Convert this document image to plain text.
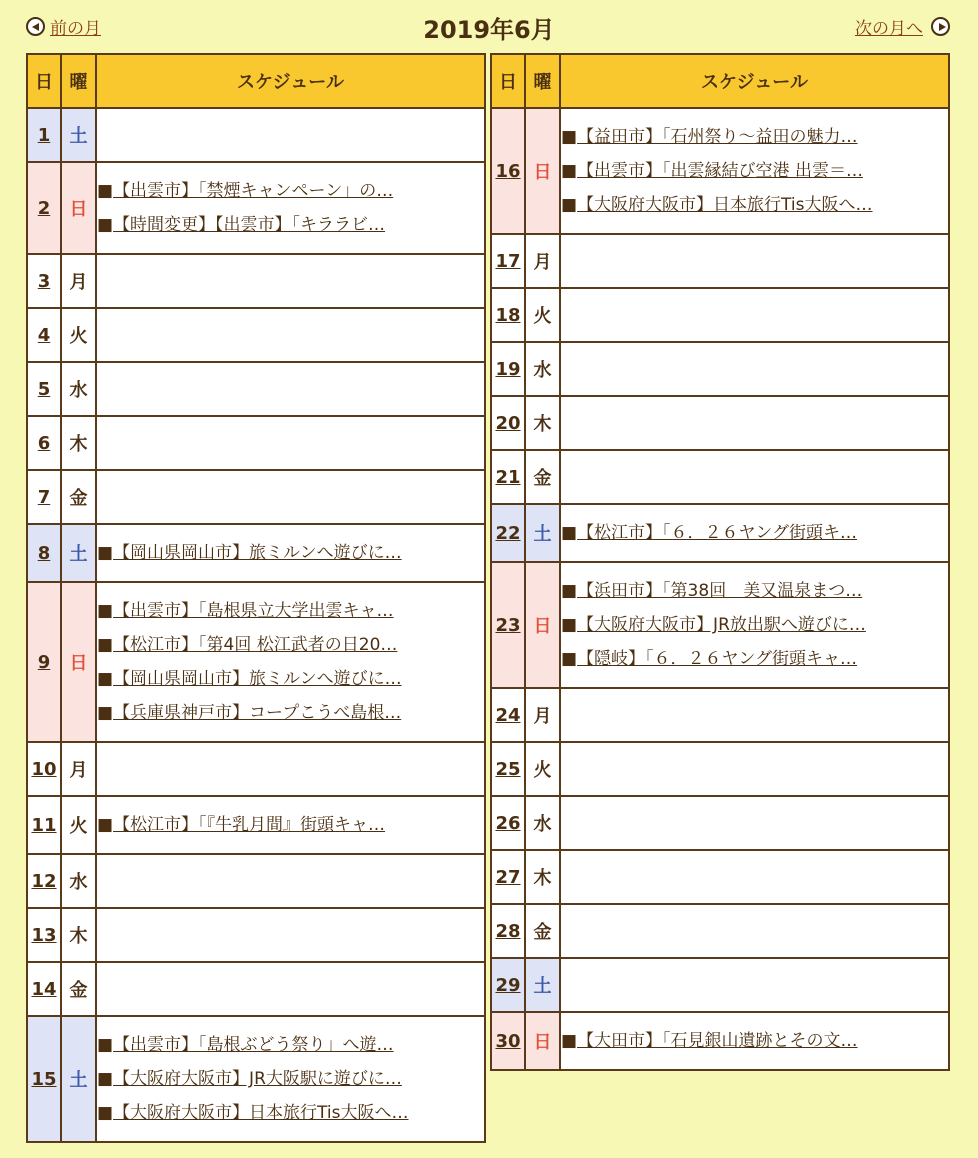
前の月	2019年6月	次の月へ
日	曜	スケジュール
1	土	
2	日	■【出雲市】「禁煙キャンペーン」の…
■【時間変更】【出雲市】「キララビ…

3	月	
4	火	
5	水	
6	木	
7	金	
8	土	■【岡山県岡山市】旅ミルンへ遊びに…

9	日	■【出雲市】「島根県立大学出雲キャ…
■【松江市】「第4回 松江武者の日20…
■【岡山県岡山市】旅ミルンへ遊びに…
■【兵庫県神戸市】コープこうべ島根…

10	月	
11	火	■【松江市】「『牛乳月間』街頭キャ…

12	水	
13	木	
14	金	
15	土	■【出雲市】「島根ぶどう祭り」へ遊…
■【大阪府大阪市】JR大阪駅に遊びに…
■【大阪府大阪市】日本旅行Tis大阪へ…
日	曜	スケジュール
16	日	■【益田市】「石州祭り～益田の魅力…
■【出雲市】「出雲縁結び空港 出雲＝…
■【大阪府大阪市】日本旅行Tis大阪へ…

17	月	
18	火	
19	水	
20	木	
21	金	
22	土	■【松江市】「６．２６ヤング街頭キ…

23	日	■【浜田市】「第38回　美又温泉まつ…
■【大阪府大阪市】JR放出駅へ遊びに…
■【隠岐】「６．２６ヤング街頭キャ…

24	月	
25	火	
26	水	
27	木	
28	金	
29	土	
30	日	■【大田市】「石見銀山遺跡とその文…
